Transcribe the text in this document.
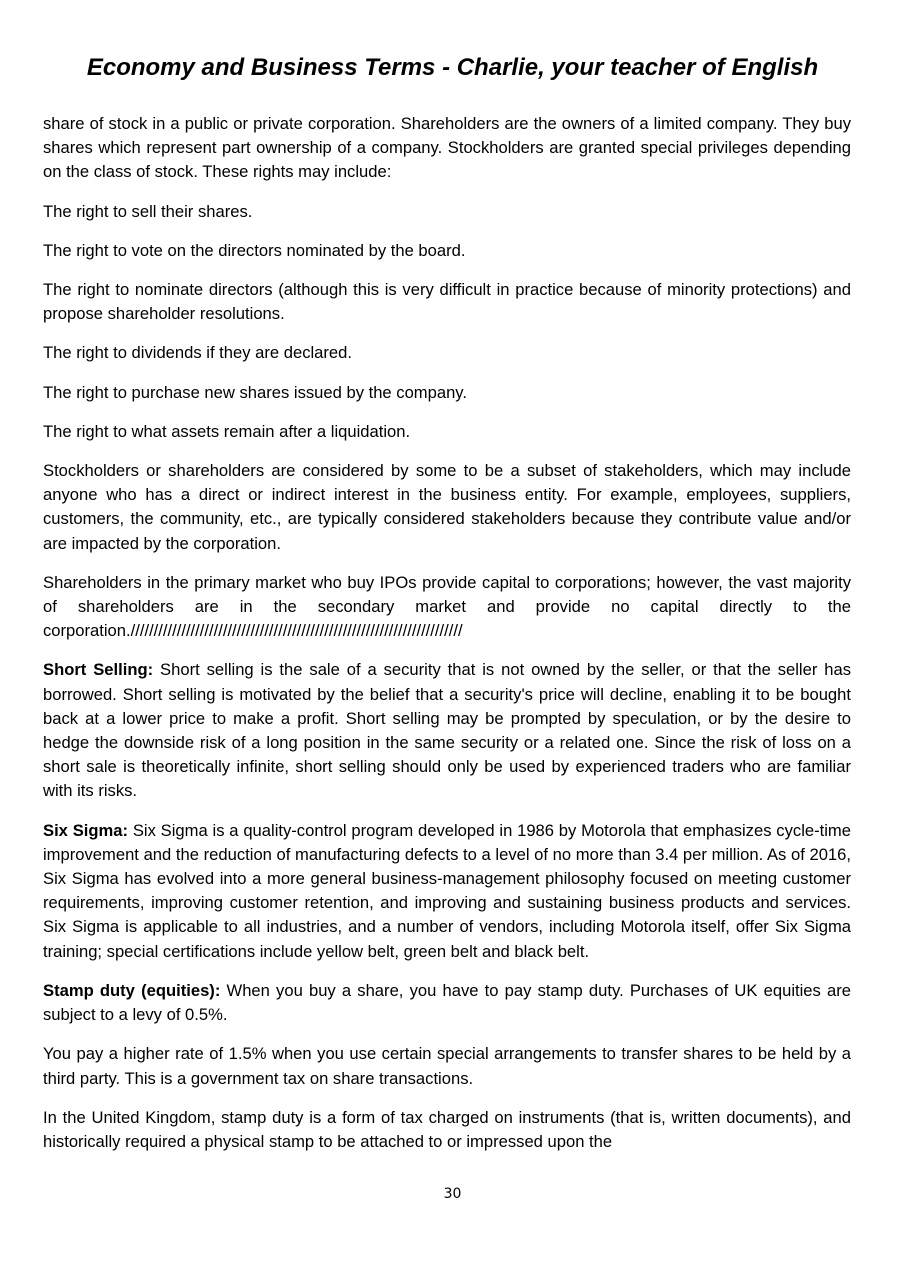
Economy and Business Terms - Charlie, your teacher of English

share of stock in a public or private corporation. Shareholders are the owners of a limited company. They buy shares which represent part ownership of a company. Stockholders are granted special privileges depending on the class of stock. These rights may include:

The right to sell their shares.

The right to vote on the directors nominated by the board.

The right to nominate directors (although this is very difficult in practice because of minority protections) and propose shareholder resolutions.

The right to dividends if they are declared.

The right to purchase new shares issued by the company.

The right to what assets remain after a liquidation.

Stockholders or shareholders are considered by some to be a subset of stakeholders, which may include anyone who has a direct or indirect interest in the business entity. For example, employees, suppliers, customers, the community, etc., are typically considered stakeholders because they contribute value and/or are impacted by the corporation.

Shareholders in the primary market who buy IPOs provide capital to corporations; however, the vast majority of shareholders are in the secondary market and provide no capital directly to the corporation.////////////////////////////////////////////////////////////////////////

Short Selling: Short selling is the sale of a security that is not owned by the seller, or that the seller has borrowed. Short selling is motivated by the belief that a security's price will decline, enabling it to be bought back at a lower price to make a profit. Short selling may be prompted by speculation, or by the desire to hedge the downside risk of a long position in the same security or a related one. Since the risk of loss on a short sale is theoretically infinite, short selling should only be used by experienced traders who are familiar with its risks.

Six Sigma: Six Sigma is a quality-control program developed in 1986 by Motorola that emphasizes cycle-time improvement and the reduction of manufacturing defects to a level of no more than 3.4 per million. As of 2016, Six Sigma has evolved into a more general business-management philosophy focused on meeting customer requirements, improving customer retention, and improving and sustaining business products and services. Six Sigma is applicable to all industries, and a number of vendors, including Motorola itself, offer Six Sigma training; special certifications include yellow belt, green belt and black belt.

Stamp duty (equities): When you buy a share, you have to pay stamp duty. Purchases of UK equities are subject to a levy of 0.5%.

You pay a higher rate of 1.5% when you use certain special arrangements to transfer shares to be held by a third party. This is a government tax on share transactions.

In the United Kingdom, stamp duty is a form of tax charged on instruments (that is, written documents), and historically required a physical stamp to be attached to or impressed upon the

30
